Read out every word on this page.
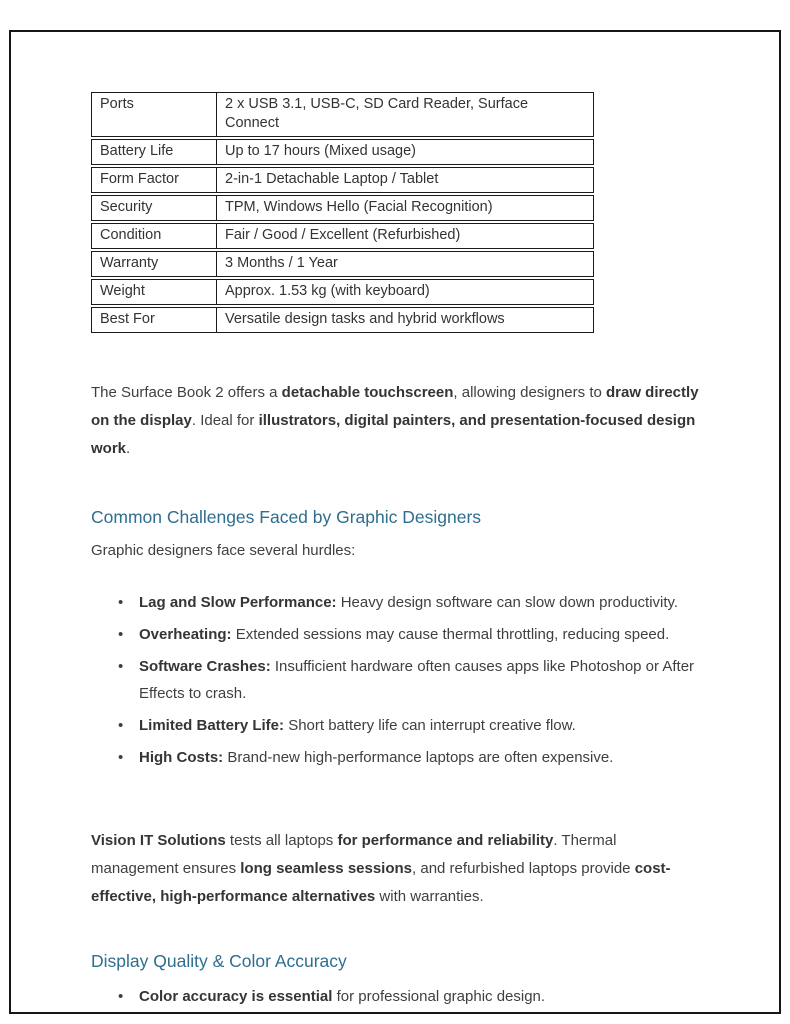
Ports	2 x USB 3.1, USB-C, SD Card Reader, Surface Connect
Battery Life	Up to 17 hours (Mixed usage)
Form Factor	2-in-1 Detachable Laptop / Tablet
Security	TPM, Windows Hello (Facial Recognition)
Condition	Fair / Good / Excellent (Refurbished)
Warranty	3 Months / 1 Year
Weight	Approx. 1.53 kg (with keyboard)
Best For	Versatile design tasks and hybrid workflows

The Surface Book 2 offers a detachable touchscreen, allowing designers to draw directly on the display. Ideal for illustrators, digital painters, and presentation-focused design work.

Common Challenges Faced by Graphic Designers

Graphic designers face several hurdles:

• Lag and Slow Performance: Heavy design software can slow down productivity.
• Overheating: Extended sessions may cause thermal throttling, reducing speed.
• Software Crashes: Insufficient hardware often causes apps like Photoshop or After Effects to crash.
• Limited Battery Life: Short battery life can interrupt creative flow.
• High Costs: Brand-new high-performance laptops are often expensive.

Vision IT Solutions tests all laptops for performance and reliability. Thermal management ensures long seamless sessions, and refurbished laptops provide cost-effective, high-performance alternatives with warranties.

Display Quality & Color Accuracy
• Color accuracy is essential for professional graphic design.
